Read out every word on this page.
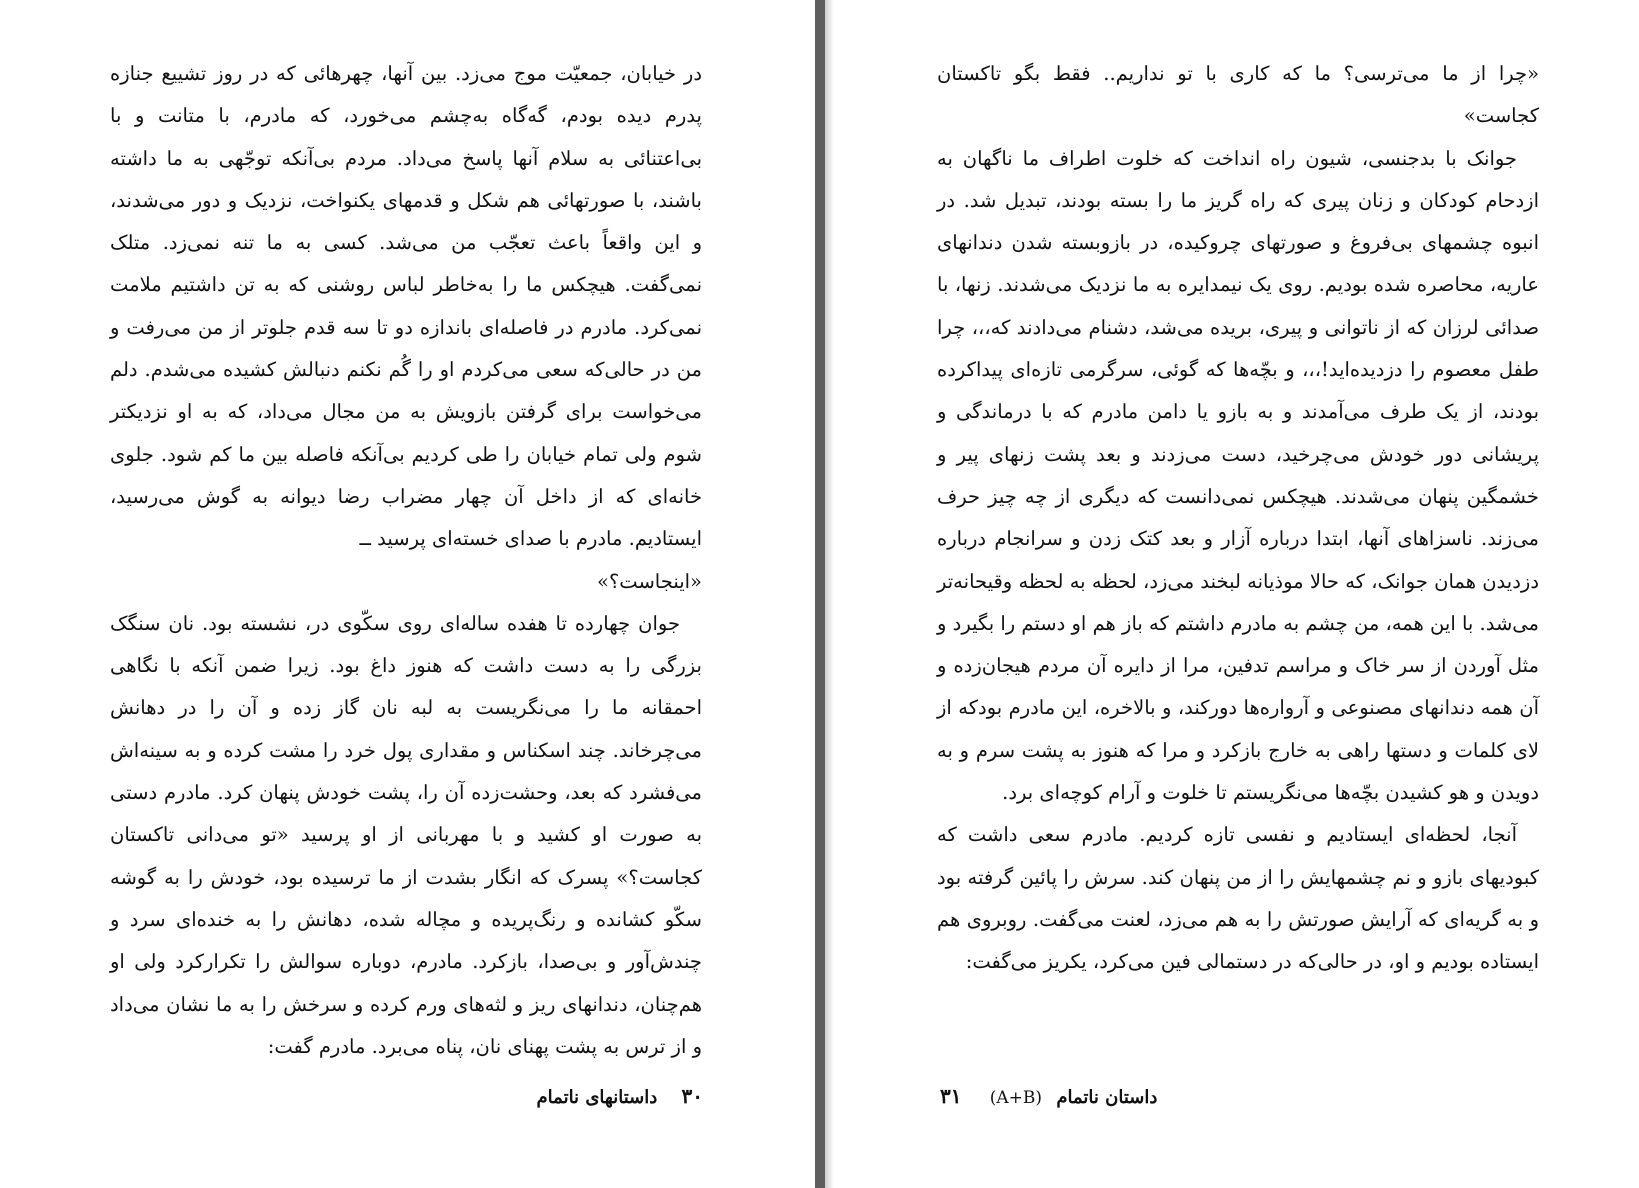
در خیابان، جمعیّت موج می‌زد. بین آنها، چهرهائی که در روز تشییع جنازه پدرم دیده بودم، گه‌گاه به‌چشم می‌خورد، که مادرم، با متانت و با بی‌اعتنائی به سلام آنها پاسخ می‌داد. مردم بی‌آنکه توجّهی به ما داشته باشند، با صورتهائی هم شکل و قدمهای یکنواخت، نزدیک و دور می‌شدند، و این واقعاً باعث تعجّب من می‌شد. کسی به ما تنه نمی‌زد. متلک نمی‌گفت. هیچکس ما را به‌خاطر لباس روشنی که به تن داشتیم ملامت نمی‌کرد. مادرم در فاصله‌ای باندازه دو تا سه قدم جلوتر از من می‌رفت و من در حالی‌که سعی می‌کردم او را گُم نکنم دنبالش کشیده می‌شدم. دلم می‌خواست برای گرفتن بازویش به من مجال می‌داد، که به او نزدیکتر شوم ولی تمام خیابان را طی کردیم بی‌آنکه فاصله بین ما کم شود. جلوی خانه‌ای که از داخل آن چهار مضراب رضا دیوانه به گوش می‌رسید، ایستادیم. مادرم با صدای خسته‌ای پرسید ــ

«اینجاست؟»

جوان چهارده تا هفده ساله‌ای روی سکّوی در، نشسته بود. نان سنگک بزرگی را به دست داشت که هنوز داغ بود. زیرا ضمن آنکه با نگاهی احمقانه ما را می‌نگریست به لبه نان گاز زده و آن را در دهانش می‌چرخاند. چند اسکناس و مقداری پول خرد را مشت کرده و به سینه‌اش می‌فشرد که بعد، وحشت‌زده آن را، پشت خودش پنهان کرد. مادرم دستی به صورت او کشید و با مهربانی از او پرسید «تو می‌دانی تاکستان کجاست؟» پسرک که انگار بشدت از ما ترسیده بود، خودش را به گوشه سکّو کشانده و رنگ‌پریده و مچاله شده، دهانش را به خنده‌ای سرد و چندش‌آور و بی‌صدا، بازکرد. مادرم، دوباره سوالش را تکرارکرد ولی او هم‌چنان، دندانهای ریز و لثه‌های ورم کرده و سرخش را به ما نشان می‌داد و از ترس به پشت پهنای نان، پناه می‌برد. مادرم گفت:

۳۰ داستانهای ناتمام

«چرا از ما می‌ترسی؟ ما که کاری با تو نداریم.. فقط بگو تاکستان کجاست»

جوانک با بدجنسی، شیون راه انداخت که خلوت اطراف ما ناگهان به ازدحام کودکان و زنان پیری که راه گریز ما را بسته بودند، تبدیل شد. در انبوه چشمهای بی‌فروغ و صورتهای چروکیده، در بازوبسته شدن دندانهای عاریه، محاصره شده بودیم. روی یک نیمدایره به ما نزدیک می‌شدند. زنها، با صدائی لرزان که از ناتوانی و پیری، بریده می‌شد، دشنام می‌دادند که،،، چرا طفل معصوم را دزدیده‌اید!،،، و بچّه‌ها که گوئی، سرگرمی تازه‌ای پیداکرده بودند، از یک طرف می‌آمدند و به بازو یا دامن مادرم که با درماندگی و پریشانی دور خودش می‌چرخید، دست می‌زدند و بعد پشت زنهای پیر و خشمگین پنهان می‌شدند. هیچکس نمی‌دانست که دیگری از چه چیز حرف می‌زند. ناسزاهای آنها، ابتدا درباره آزار و بعد کتک زدن و سرانجام درباره دزدیدن همان جوانک، که حالا موذیانه لبخند می‌زد، لحظه به لحظه وقیحانه‌تر می‌شد. با این همه، من چشم به مادرم داشتم که باز هم او دستم را بگیرد و مثل آوردن از سر خاک و مراسم تدفین، مرا از دایره آن مردم هیجان‌زده و آن همه دندانهای مصنوعی و آرواره‌ها دورکند، و بالاخره، این مادرم بودکه از لای کلمات و دستها راهی به خارج بازکرد و مرا که هنوز به پشت سرم و به دویدن و هو کشیدن بچّه‌ها می‌نگریستم تا خلوت و آرام کوچه‌ای برد.

آنجا، لحظه‌ای ایستادیم و نفسی تازه کردیم. مادرم سعی داشت که کبودیهای بازو و نم چشمهایش را از من پنهان کند. سرش را پائین گرفته بود و به گریه‌ای که آرایش صورتش را به هم می‌زد، لعنت می‌گفت. روبروی هم ایستاده بودیم و او، در حالی‌که در دستمالی فین می‌کرد، یکریز می‌گفت:

داستان ناتمام (A+B) ۳۱
